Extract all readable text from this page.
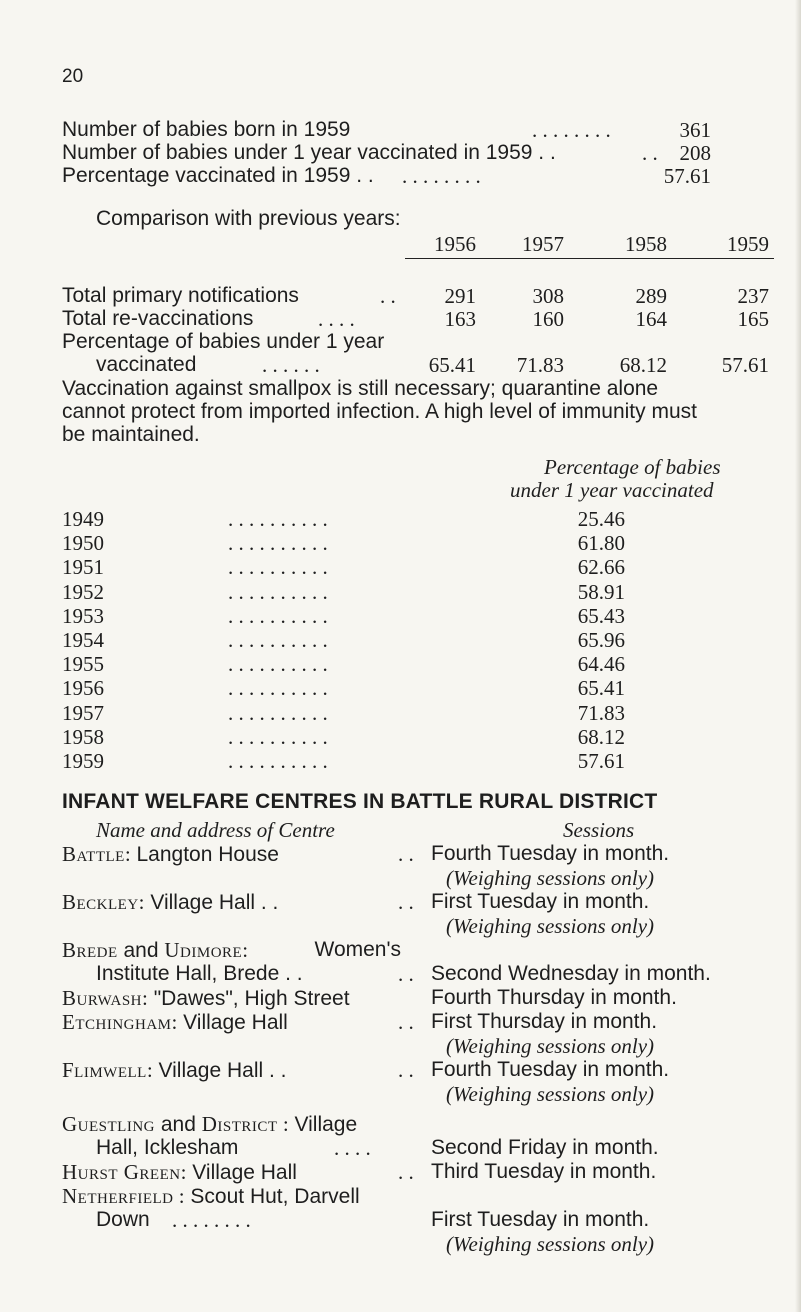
20
Number of babies born in 1959	. . . . . . . .	361
Number of babies under 1 year vaccinated in 1959 . .	. . 208
Percentage vaccinated in 1959 . . . . . . . . . .	57.61
Comparison with previous years:
1956	1957	1958	1959
Total primary notifications	. .	291	308	289	237
Total re-vaccinations	. . . .	163	160	164	165
Percentage of babies under 1 year
vaccinated	. . . . . .	65.41	71.83	68.12	57.61
Vaccination against smallpox is still necessary; quarantine alone
cannot protect from imported infection. A high level of immunity must
be maintained.
Percentage of babies
under 1 year vaccinated
1949	. . . . . . . . . .	25.46
1950	. . . . . . . . . .	61.80
1951	. . . . . . . . . .	62.66
1952	. . . . . . . . . .	58.91
1953	. . . . . . . . . .	65.43
1954	. . . . . . . . . .	65.96
1955	. . . . . . . . . .	64.46
1956	. . . . . . . . . .	65.41
1957	. . . . . . . . . .	71.83
1958	. . . . . . . . . .	68.12
1959	. . . . . . . . . .	57.61
INFANT WELFARE CENTRES IN BATTLE RURAL DISTRICT
Name and address of Centre	Sessions
Battle: Langton House	. . Fourth Tuesday in month.
(Weighing sessions only)
Beckley: Village Hall . .	. . First Tuesday in month.
(Weighing sessions only)
Brede and Udimore:	Women's
Institute Hall, Brede . .	. . Second Wednesday in month.
Burwash: "Dawes", High Street	Fourth Thursday in month.
Etchingham: Village Hall	. . First Thursday in month.
(Weighing sessions only)
Flimwell: Village Hall . .	. . Fourth Tuesday in month.
(Weighing sessions only)
Guestling and District : Village
Hall, Icklesham	. . . .	Second Friday in month.
Hurst Green: Village Hall	. . Third Tuesday in month.
Netherfield : Scout Hut, Darvell
Down . . . . . . . .	First Tuesday in month.
(Weighing sessions only)
